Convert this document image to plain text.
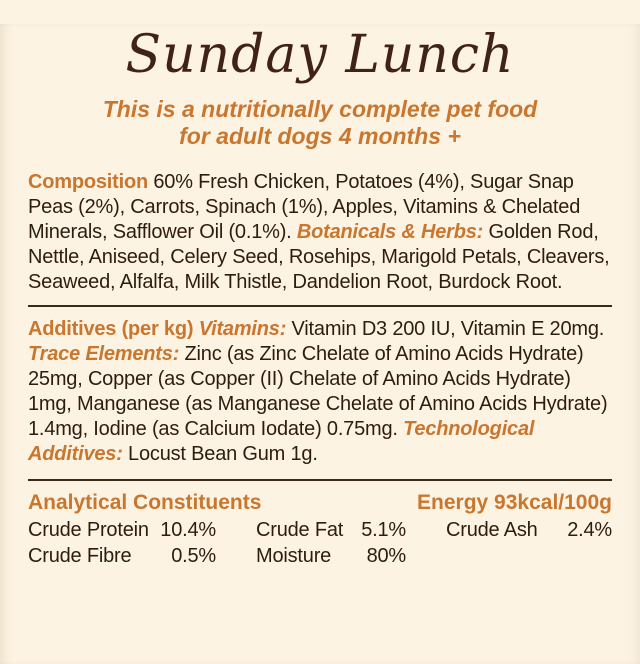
Sunday Lunch
This is a nutritionally complete pet food
for adult dogs 4 months +

Composition 60% Fresh Chicken, Potatoes (4%), Sugar Snap Peas (2%), Carrots, Spinach (1%), Apples, Vitamins & Chelated Minerals, Safflower Oil (0.1%). Botanicals & Herbs: Golden Rod, Nettle, Aniseed, Celery Seed, Rosehips, Marigold Petals, Cleavers, Seaweed, Alfalfa, Milk Thistle, Dandelion Root, Burdock Root.

Additives (per kg) Vitamins: Vitamin D3 200 IU, Vitamin E 20mg. Trace Elements: Zinc (as Zinc Chelate of Amino Acids Hydrate) 25mg, Copper (as Copper (II) Chelate of Amino Acids Hydrate) 1mg, Manganese (as Manganese Chelate of Amino Acids Hydrate) 1.4mg, Iodine (as Calcium Iodate) 0.75mg. Technological Additives: Locust Bean Gum 1g.

Analytical Constituents	Energy 93kcal/100g
Crude Protein 10.4%
Crude Fibre 0.5%
Crude Fat 5.1%
Moisture 80%
Crude Ash 2.4%
